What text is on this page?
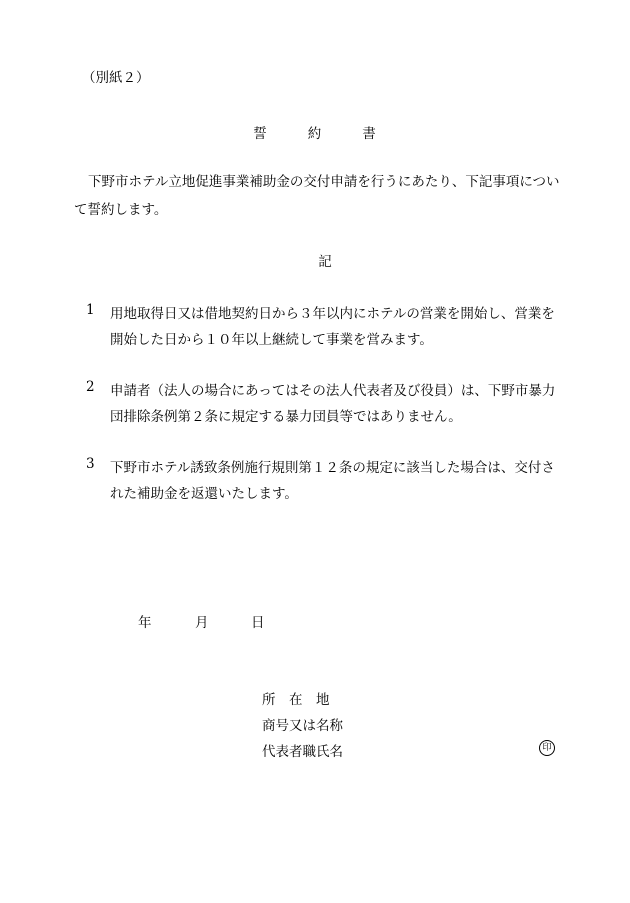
（別紙２）
誓	約	書
下野市ホテル立地促進事業補助金の交付申請を行うにあたり、下記事項につい
て誓約します。
記
1 用地取得日又は借地契約日から３年以内にホテルの営業を開始し、営業を
開始した日から１０年以上継続して事業を営みます。
2 申請者（法人の場合にあってはその法人代表者及び役員）は、下野市暴力
団排除条例第２条に規定する暴力団員等ではありません。
3 下野市ホテル誘致条例施行規則第１２条の規定に該当した場合は、交付さ
れた補助金を返還いたします。
年	月	日
所　在　地
商号又は名称
代表者職氏名	印
